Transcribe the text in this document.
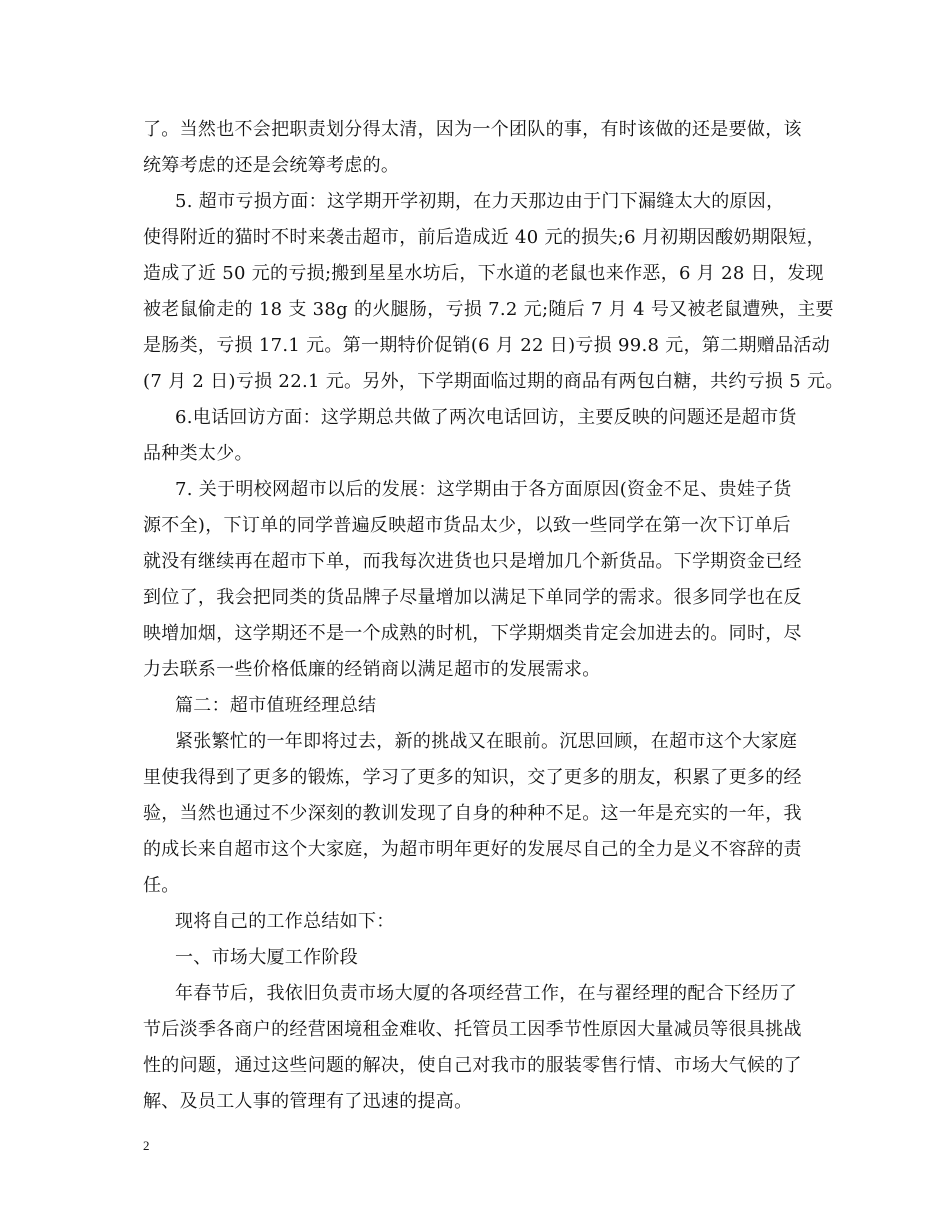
了。当然也不会把职责划分得太清，因为一个团队的事，有时该做的还是要做，该
统筹考虑的还是会统筹考虑的。
5. 超市亏损方面：这学期开学初期，在力天那边由于门下漏缝太大的原因，
使得附近的猫时不时来袭击超市，前后造成近 40 元的损失;6 月初期因酸奶期限短，
造成了近 50 元的亏损;搬到星星水坊后，下水道的老鼠也来作恶，6 月 28 日，发现
被老鼠偷走的 18 支 38g 的火腿肠，亏损 7.2 元;随后 7 月 4 号又被老鼠遭殃，主要
是肠类，亏损 17.1 元。第一期特价促销(6 月 22 日)亏损 99.8 元，第二期赠品活动
(7 月 2 日)亏损 22.1 元。另外，下学期面临过期的商品有两包白糖，共约亏损 5 元。
6.电话回访方面：这学期总共做了两次电话回访，主要反映的问题还是超市货
品种类太少。
7. 关于明校网超市以后的发展：这学期由于各方面原因(资金不足、贵娃子货
源不全)，下订单的同学普遍反映超市货品太少，以致一些同学在第一次下订单后
就没有继续再在超市下单，而我每次进货也只是增加几个新货品。下学期资金已经
到位了，我会把同类的货品牌子尽量增加以满足下单同学的需求。很多同学也在反
映增加烟，这学期还不是一个成熟的时机，下学期烟类肯定会加进去的。同时，尽
力去联系一些价格低廉的经销商以满足超市的发展需求。
篇二：超市值班经理总结
紧张繁忙的一年即将过去，新的挑战又在眼前。沉思回顾，在超市这个大家庭
里使我得到了更多的锻炼，学习了更多的知识，交了更多的朋友，积累了更多的经
验，当然也通过不少深刻的教训发现了自身的种种不足。这一年是充实的一年，我
的成长来自超市这个大家庭，为超市明年更好的发展尽自己的全力是义不容辞的责
任。
现将自己的工作总结如下：
一、市场大厦工作阶段
年春节后，我依旧负责市场大厦的各项经营工作，在与翟经理的配合下经历了
节后淡季各商户的经营困境租金难收、托管员工因季节性原因大量减员等很具挑战
性的问题，通过这些问题的解决，使自己对我市的服装零售行情、市场大气候的了
解、及员工人事的管理有了迅速的提高。
2
